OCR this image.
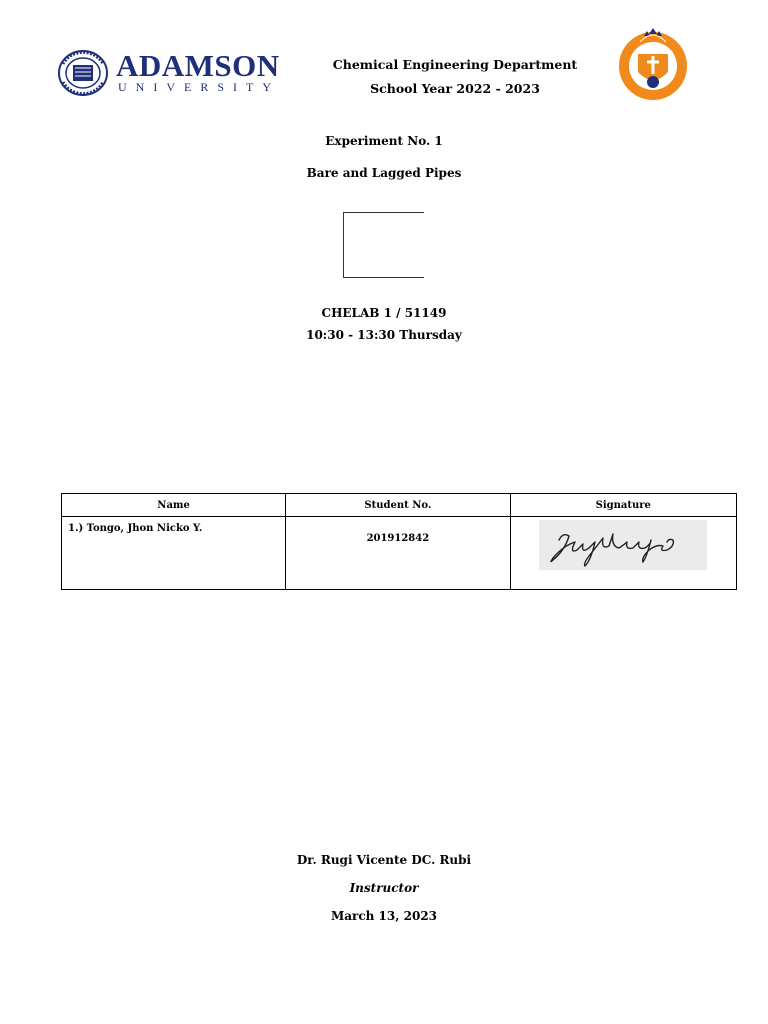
ADAMSON
UNIVERSITY
Chemical Engineering Department
School Year 2022 - 2023
Experiment No. 1
Bare and Lagged Pipes
CHELAB 1 / 51149
10:30 - 13:30 Thursday
Name	Student No.	Signature

1.) Tongo, Jhon Nicko Y.	201912842

Dr. Rugi Vicente DC. Rubi
Instructor
March 13, 2023
